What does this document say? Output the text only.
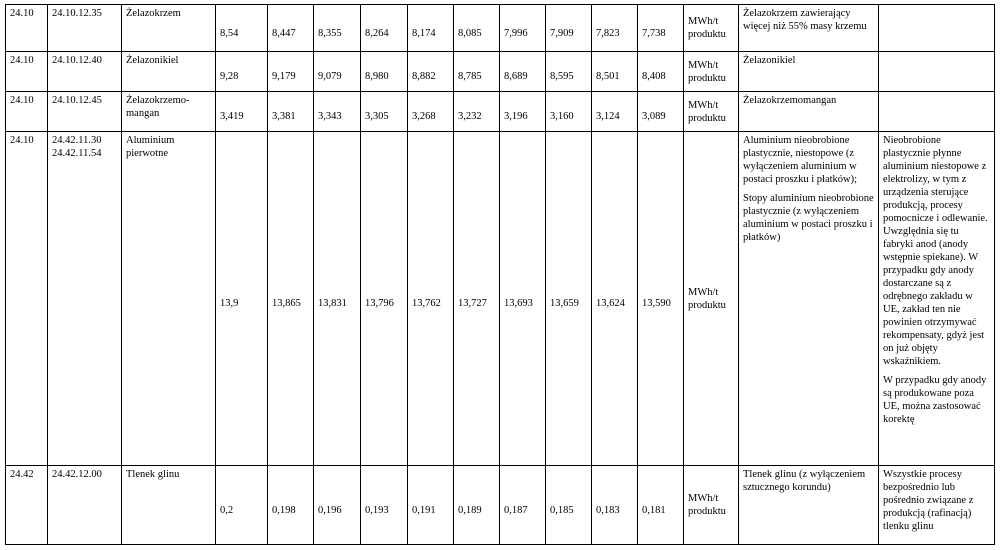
24.10	24.10.12.35	Żelazokrzem	8,54	8,447	8,355	8,264	8,174	8,085	7,996	7,909	7,823	7,738	MWh/t
produktu	Żelazokrzem zawierający więcej niż 55% masy krzemu	

24.10	24.10.12.40	Żelazonikiel	9,28	9,179	9,079	8,980	8,882	8,785	8,689	8,595	8,501	8,408	MWh/t
produktu	Żelazonikiel	

24.10	24.10.12.45	Żelazokrzemo-mangan	3,419	3,381	3,343	3,305	3,268	3,232	3,196	3,160	3,124	3,089	MWh/t
produktu	Żelazokrzemomangan	

24.10	24.42.11.30
24.42.11.54	Aluminium pierwotne	13,9	13,865	13,831	13,796	13,762	13,727	13,693	13,659	13,624	13,590	MWh/t
produktu	Aluminium nieobrobione plastycznie, niestopowe (z wyłączeniem aluminium w postaci proszku i płatków);
Stopy aluminium nieobrobione plastycznie (z wyłączeniem aluminium w postaci proszku i płatków)	Nieobrobione plastycznie płynne aluminium niestopowe z elektrolizy, w tym z urządzenia sterujące produkcją, procesy pomocnicze i odlewanie. Uwzględnia się tu fabryki anod (anody wstępnie spiekane). W przypadku gdy anody dostarczane są z odrębnego zakładu w UE, zakład ten nie powinien otrzymywać rekompensaty, gdyż jest on już objęty wskaźnikiem.
W przypadku gdy anody są produkowane poza UE, można zastosować korektę

24.42	24.42.12.00	Tlenek glinu	0,2	0,198	0,196	0,193	0,191	0,189	0,187	0,185	0,183	0,181	MWh/t
produktu	Tlenek glinu (z wyłączeniem sztucznego korundu)	Wszystkie procesy bezpośrednio lub pośrednio związane z produkcją (rafinacją) tlenku glinu
